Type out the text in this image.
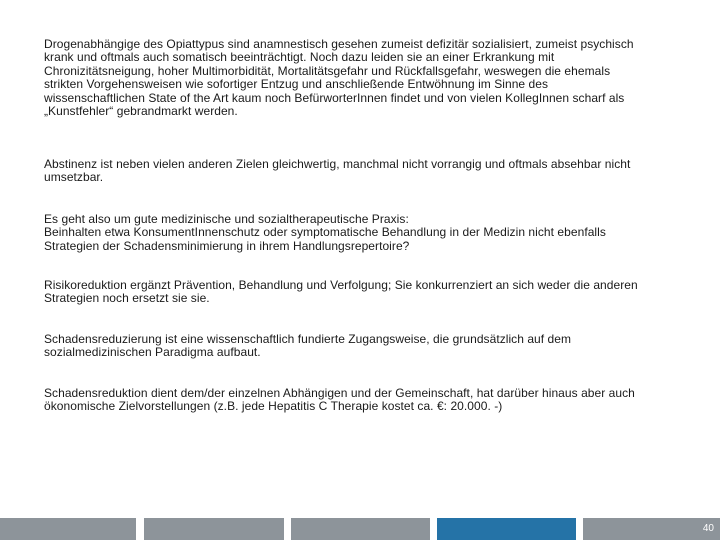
Drogenabhängige des Opiattypus sind anamnestisch gesehen zumeist defizitär sozialisiert, zumeist psychisch krank und oftmals auch somatisch beeinträchtigt. Noch dazu leiden sie an einer Erkrankung mit Chronizitätsneigung, hoher Multimorbidität, Mortalitätsgefahr und Rückfallsgefahr, weswegen die ehemals strikten Vorgehensweisen wie sofortiger Entzug und anschließende Entwöhnung im Sinne des wissenschaftlichen State of the Art kaum noch BefürworterInnen findet und von vielen KollegInnen scharf als „Kunstfehler“ gebrandmarkt werden.

Abstinenz ist neben vielen anderen Zielen gleichwertig, manchmal nicht vorrangig und oftmals absehbar nicht umsetzbar.

Es geht also um gute medizinische und sozialtherapeutische Praxis:
Beinhalten etwa KonsumentInnenschutz oder symptomatische Behandlung in der Medizin nicht ebenfalls Strategien der Schadensminimierung in ihrem Handlungsrepertoire?

Risikoreduktion ergänzt Prävention, Behandlung und Verfolgung; Sie konkurrenziert an sich weder die anderen Strategien noch ersetzt sie sie.

Schadensreduzierung ist eine wissenschaftlich fundierte Zugangsweise, die grundsätzlich auf dem sozialmedizinischen Paradigma aufbaut.

Schadensreduktion dient dem/der einzelnen Abhängigen und der Gemeinschaft, hat darüber hinaus aber auch ökonomische Zielvorstellungen (z.B. jede Hepatitis C Therapie kostet ca. €: 20.000. -)

40
